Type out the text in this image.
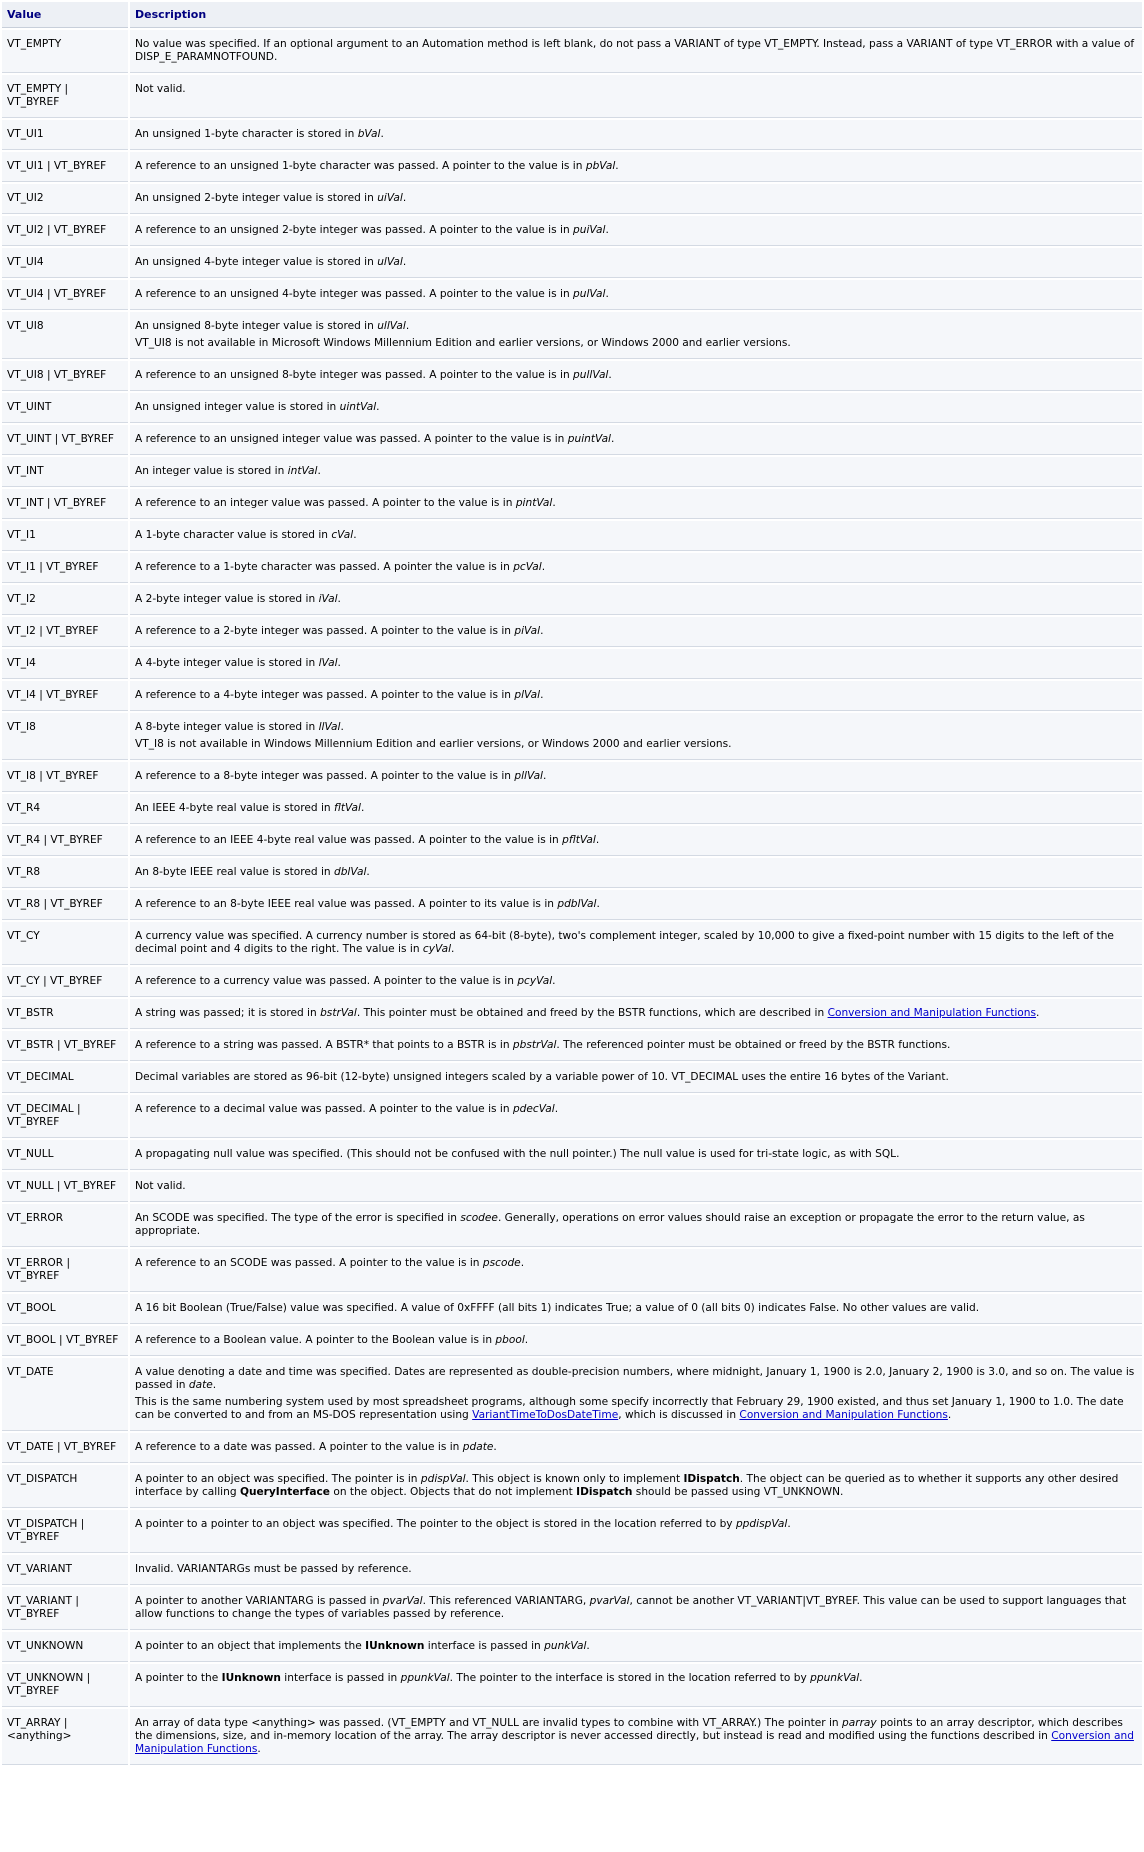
Value	Description
VT_EMPTY	No value was specified. If an optional argument to an Automation method is left blank, do not pass a VARIANT of type VT_EMPTY. Instead, pass a VARIANT of type VT_ERROR with a value of DISP_E_PARAMNOTFOUND.

VT_EMPTY | VT_BYREF	Not valid.

VT_UI1	An unsigned 1-byte character is stored in bVal.

VT_UI1 | VT_BYREF	A reference to an unsigned 1-byte character was passed. A pointer to the value is in pbVal.

VT_UI2	An unsigned 2-byte integer value is stored in uiVal.

VT_UI2 | VT_BYREF	A reference to an unsigned 2-byte integer was passed. A pointer to the value is in puiVal.

VT_UI4	An unsigned 4-byte integer value is stored in ulVal.

VT_UI4 | VT_BYREF	A reference to an unsigned 4-byte integer was passed. A pointer to the value is in pulVal.

VT_UI8	An unsigned 8-byte integer value is stored in ullVal.
VT_UI8 is not available in Microsoft Windows Millennium Edition and earlier versions, or Windows 2000 and earlier versions.

VT_UI8 | VT_BYREF	A reference to an unsigned 8-byte integer was passed. A pointer to the value is in pullVal.

VT_UINT	An unsigned integer value is stored in uintVal.

VT_UINT | VT_BYREF	A reference to an unsigned integer value was passed. A pointer to the value is in puintVal.

VT_INT	An integer value is stored in intVal.

VT_INT | VT_BYREF	A reference to an integer value was passed. A pointer to the value is in pintVal.

VT_I1	A 1-byte character value is stored in cVal.

VT_I1 | VT_BYREF	A reference to a 1-byte character was passed. A pointer the value is in pcVal.

VT_I2	A 2-byte integer value is stored in iVal.

VT_I2 | VT_BYREF	A reference to a 2-byte integer was passed. A pointer to the value is in piVal.

VT_I4	A 4-byte integer value is stored in lVal.

VT_I4 | VT_BYREF	A reference to a 4-byte integer was passed. A pointer to the value is in plVal.

VT_I8	A 8-byte integer value is stored in llVal.
VT_I8 is not available in Windows Millennium Edition and earlier versions, or Windows 2000 and earlier versions.

VT_I8 | VT_BYREF	A reference to a 8-byte integer was passed. A pointer to the value is in pllVal.

VT_R4	An IEEE 4-byte real value is stored in fltVal.

VT_R4 | VT_BYREF	A reference to an IEEE 4-byte real value was passed. A pointer to the value is in pfltVal.

VT_R8	An 8-byte IEEE real value is stored in dblVal.

VT_R8 | VT_BYREF	A reference to an 8-byte IEEE real value was passed. A pointer to its value is in pdblVal.

VT_CY	A currency value was specified. A currency number is stored as 64-bit (8-byte), two's complement integer, scaled by 10,000 to give a fixed-point number with 15 digits to the left of the decimal point and 4 digits to the right. The value is in cyVal.

VT_CY | VT_BYREF	A reference to a currency value was passed. A pointer to the value is in pcyVal.

VT_BSTR	A string was passed; it is stored in bstrVal. This pointer must be obtained and freed by the BSTR functions, which are described in Conversion and Manipulation Functions.

VT_BSTR | VT_BYREF	A reference to a string was passed. A BSTR* that points to a BSTR is in pbstrVal. The referenced pointer must be obtained or freed by the BSTR functions.

VT_DECIMAL	Decimal variables are stored as 96-bit (12-byte) unsigned integers scaled by a variable power of 10. VT_DECIMAL uses the entire 16 bytes of the Variant.

VT_DECIMAL | VT_BYREF	A reference to a decimal value was passed. A pointer to the value is in pdecVal.

VT_NULL	A propagating null value was specified. (This should not be confused with the null pointer.) The null value is used for tri-state logic, as with SQL.

VT_NULL | VT_BYREF	Not valid.

VT_ERROR	An SCODE was specified. The type of the error is specified in scodee. Generally, operations on error values should raise an exception or propagate the error to the return value, as appropriate.

VT_ERROR | VT_BYREF	A reference to an SCODE was passed. A pointer to the value is in pscode.

VT_BOOL	A 16 bit Boolean (True/False) value was specified. A value of 0xFFFF (all bits 1) indicates True; a value of 0 (all bits 0) indicates False. No other values are valid.

VT_BOOL | VT_BYREF	A reference to a Boolean value. A pointer to the Boolean value is in pbool.

VT_DATE	A value denoting a date and time was specified. Dates are represented as double-precision numbers, where midnight, January 1, 1900 is 2.0, January 2, 1900 is 3.0, and so on. The value is passed in date.
This is the same numbering system used by most spreadsheet programs, although some specify incorrectly that February 29, 1900 existed, and thus set January 1, 1900 to 1.0. The date can be converted to and from an MS-DOS representation using VariantTimeToDosDateTime, which is discussed in Conversion and Manipulation Functions.

VT_DATE | VT_BYREF	A reference to a date was passed. A pointer to the value is in pdate.

VT_DISPATCH	A pointer to an object was specified. The pointer is in pdispVal. This object is known only to implement IDispatch. The object can be queried as to whether it supports any other desired interface by calling QueryInterface on the object. Objects that do not implement IDispatch should be passed using VT_UNKNOWN.

VT_DISPATCH | VT_BYREF	A pointer to a pointer to an object was specified. The pointer to the object is stored in the location referred to by ppdispVal.

VT_VARIANT	Invalid. VARIANTARGs must be passed by reference.

VT_VARIANT | VT_BYREF	A pointer to another VARIANTARG is passed in pvarVal. This referenced VARIANTARG, pvarVal, cannot be another VT_VARIANT|VT_BYREF. This value can be used to support languages that allow functions to change the types of variables passed by reference.

VT_UNKNOWN	A pointer to an object that implements the IUnknown interface is passed in punkVal.

VT_UNKNOWN | VT_BYREF	A pointer to the IUnknown interface is passed in ppunkVal. The pointer to the interface is stored in the location referred to by ppunkVal.

VT_ARRAY | <anything>	An array of data type <anything> was passed. (VT_EMPTY and VT_NULL are invalid types to combine with VT_ARRAY.) The pointer in parray points to an array descriptor, which describes the dimensions, size, and in-memory location of the array. The array descriptor is never accessed directly, but instead is read and modified using the functions described in Conversion and Manipulation Functions.
